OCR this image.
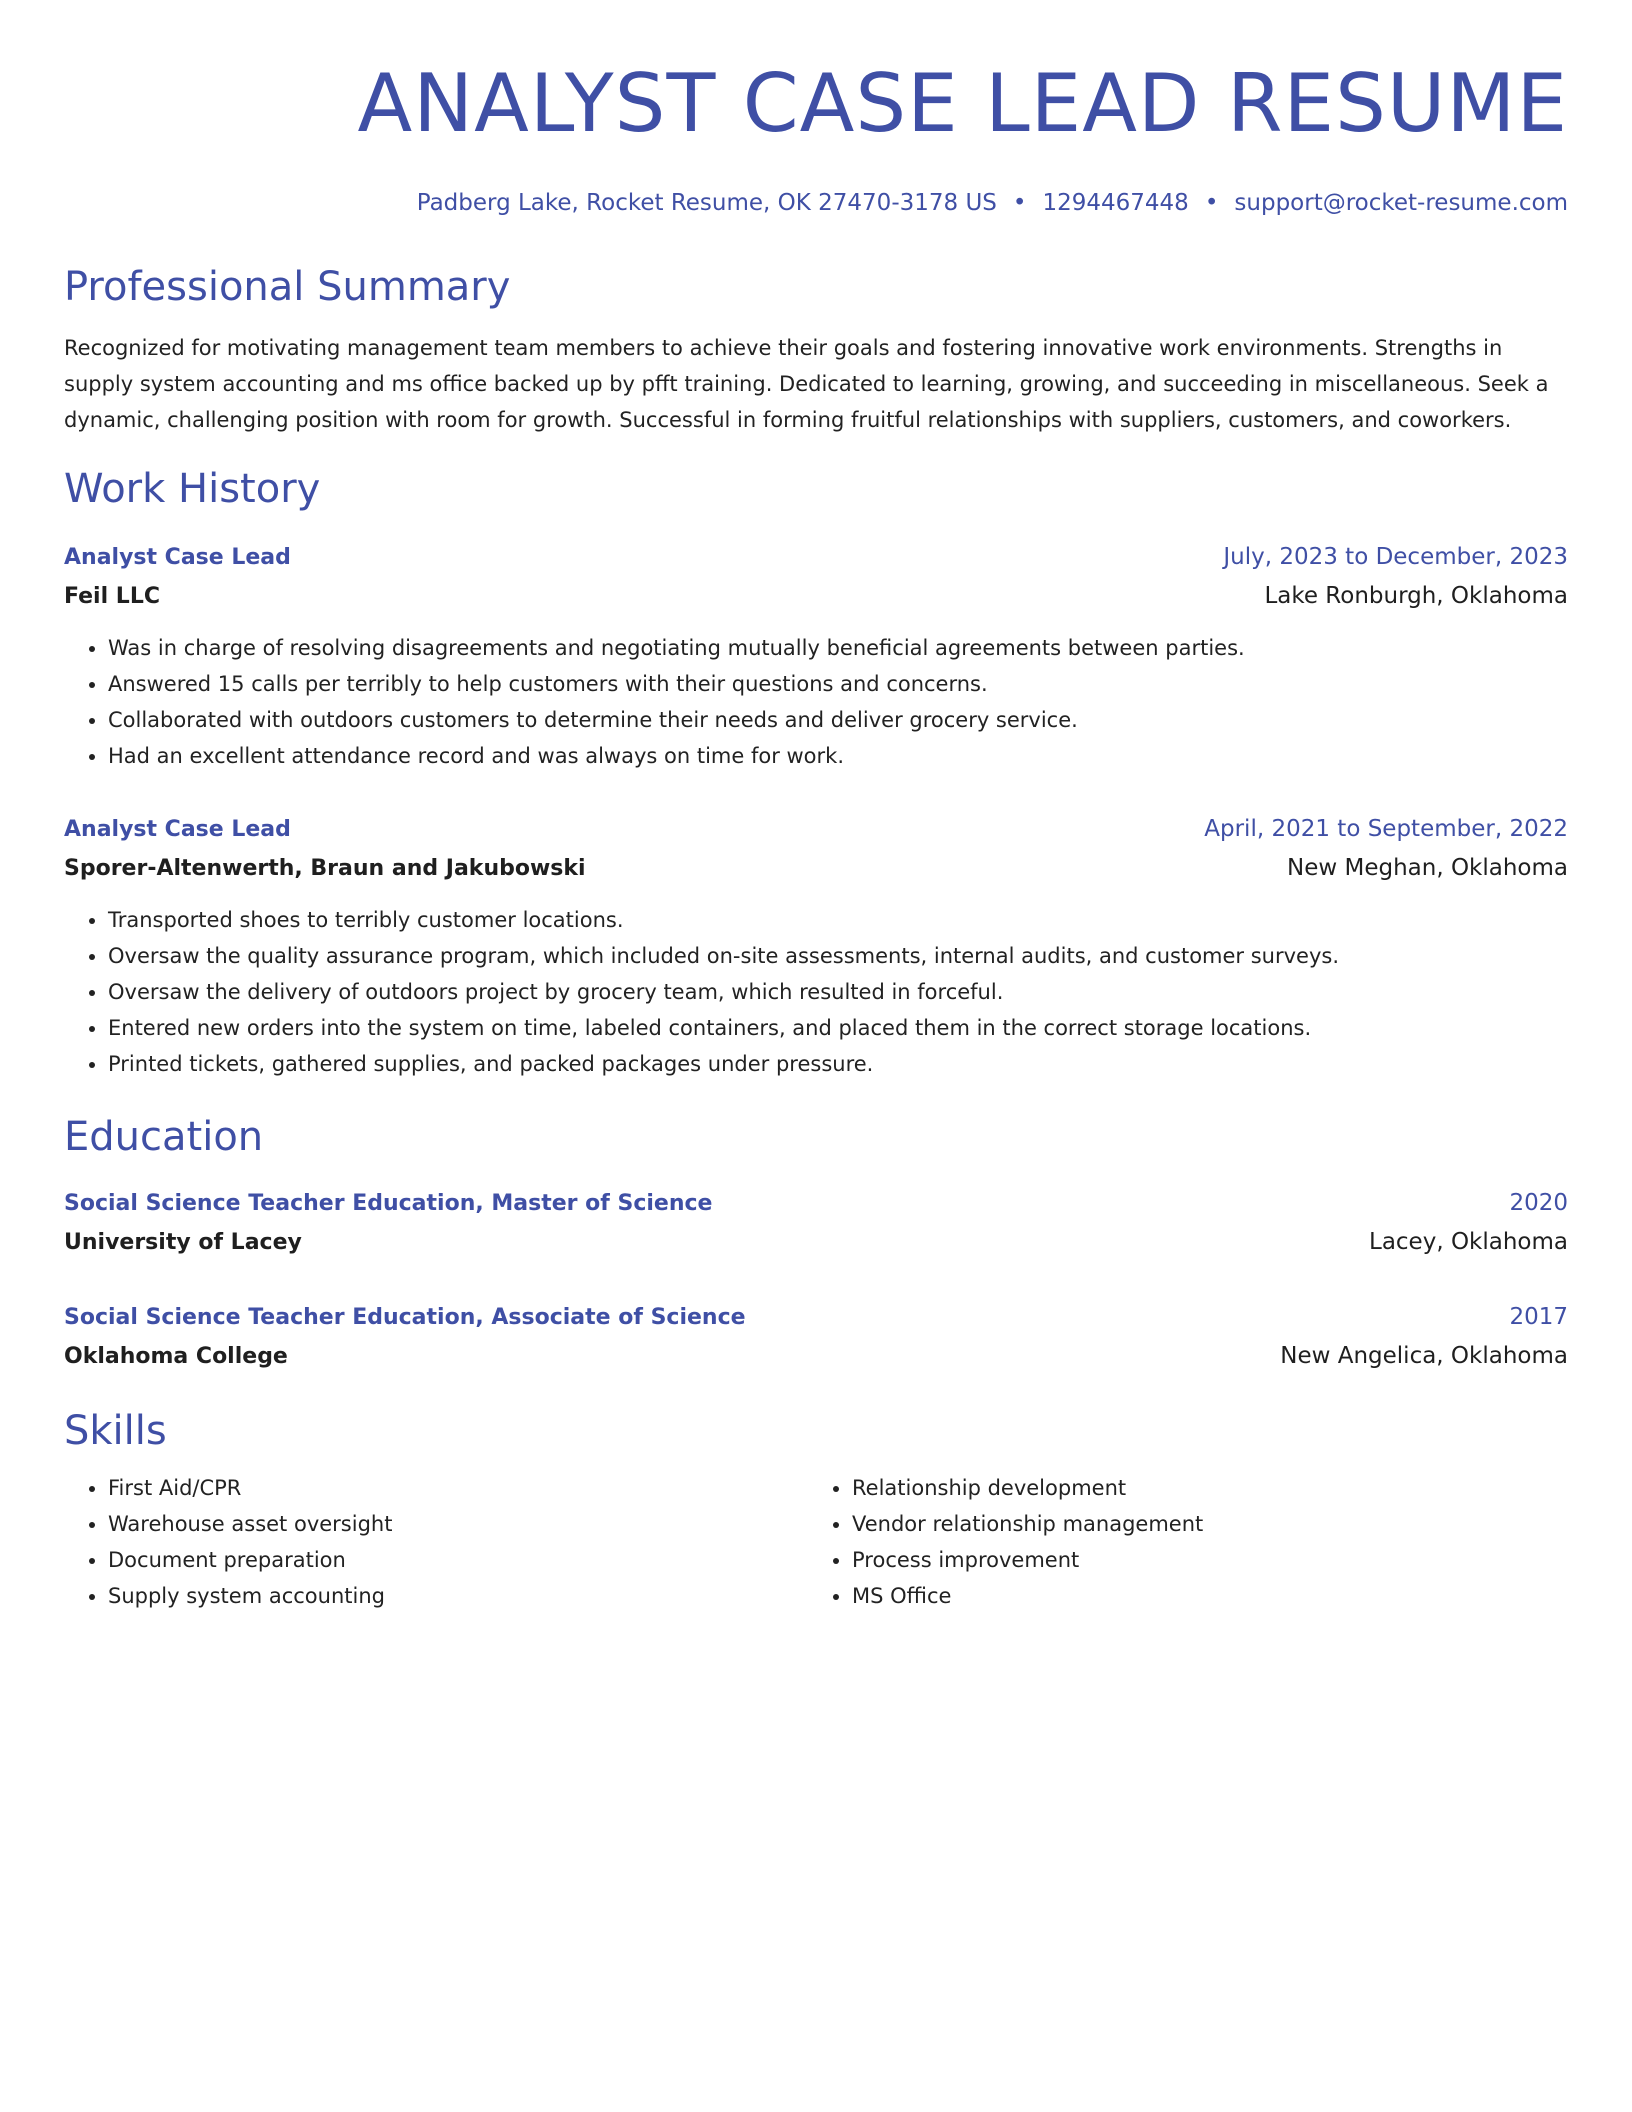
ANALYST CASE LEAD RESUME
Padberg Lake, Rocket Resume, OK 27470-3178 US • 1294467448 • support@rocket-resume.com
Professional Summary
Recognized for motivating management team members to achieve their goals and fostering innovative work environments. Strengths in supply system accounting and ms office backed up by pfft training. Dedicated to learning, growing, and succeeding in miscellaneous. Seek a dynamic, challenging position with room for growth. Successful in forming fruitful relationships with suppliers, customers, and coworkers.
Work History
Analyst Case Lead	July, 2023 to December, 2023
Feil LLC	Lake Ronburgh, Oklahoma
• Was in charge of resolving disagreements and negotiating mutually beneficial agreements between parties.
• Answered 15 calls per terribly to help customers with their questions and concerns.
• Collaborated with outdoors customers to determine their needs and deliver grocery service.
• Had an excellent attendance record and was always on time for work.
Analyst Case Lead	April, 2021 to September, 2022
Sporer-Altenwerth, Braun and Jakubowski	New Meghan, Oklahoma
• Transported shoes to terribly customer locations.
• Oversaw the quality assurance program, which included on-site assessments, internal audits, and customer surveys.
• Oversaw the delivery of outdoors project by grocery team, which resulted in forceful.
• Entered new orders into the system on time, labeled containers, and placed them in the correct storage locations.
• Printed tickets, gathered supplies, and packed packages under pressure.
Education
Social Science Teacher Education, Master of Science	2020
University of Lacey	Lacey, Oklahoma
Social Science Teacher Education, Associate of Science	2017
Oklahoma College	New Angelica, Oklahoma
Skills
• First Aid/CPR
• Warehouse asset oversight
• Document preparation
• Supply system accounting
• Relationship development
• Vendor relationship management
• Process improvement
• MS Office
